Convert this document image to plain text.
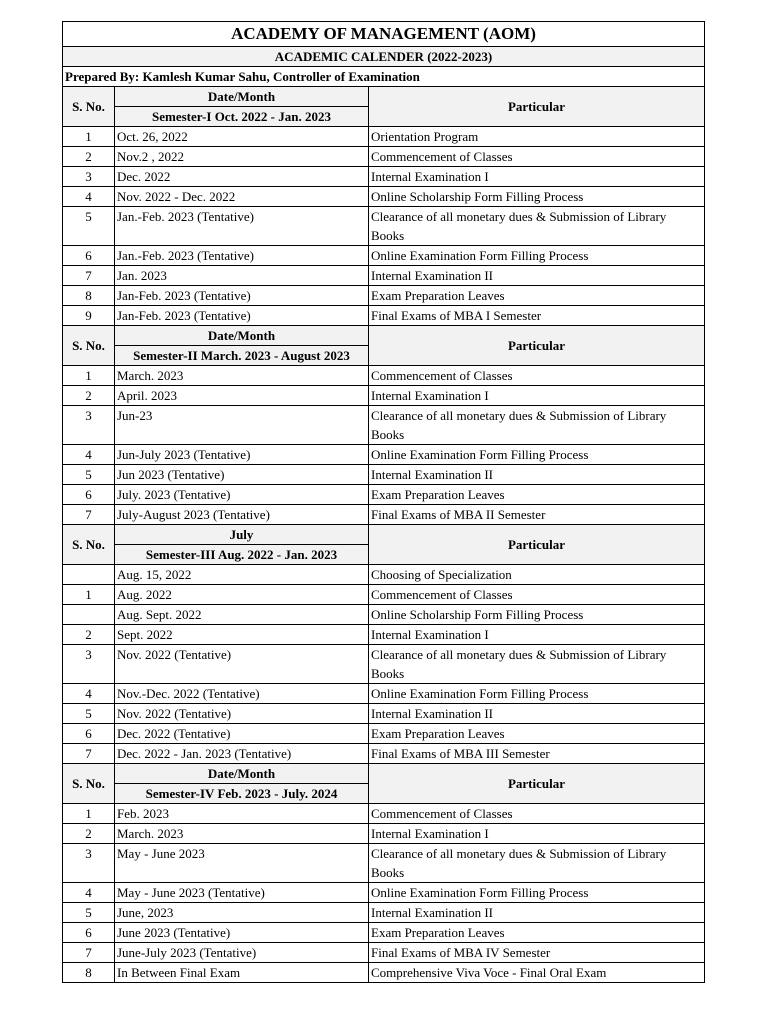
ACADEMY OF MANAGEMENT (AOM)		
ACADEMIC CALENDER (2022-2023)		
Prepared By: Kamlesh Kumar Sahu, Controller of Examination		
S. No.	Date/Month	Particular
	Semester-I Oct. 2022 - Jan. 2023	
1	Oct. 26, 2022	Orientation Program
2	Nov.2 , 2022	Commencement of Classes
3	Dec. 2022	Internal Examination I
4	Nov. 2022 - Dec. 2022	Online Scholarship Form Filling Process
5	Jan.-Feb. 2023 (Tentative)	Clearance of all monetary dues & Submission of Library Books
6	Jan.-Feb. 2023 (Tentative)	Online Examination Form Filling Process
7	Jan. 2023	Internal Examination II
8	Jan-Feb. 2023 (Tentative)	Exam Preparation Leaves
9	Jan-Feb. 2023 (Tentative)	Final Exams of MBA I Semester
S. No.	Date/Month	Particular
	Semester-II March. 2023 - August 2023	
1	March. 2023	Commencement of Classes
2	April. 2023	Internal Examination I
3	Jun-23	Clearance of all monetary dues & Submission of Library Books
4	Jun-July 2023 (Tentative)	Online Examination Form Filling Process
5	Jun 2023 (Tentative)	Internal Examination II
6	July. 2023 (Tentative)	Exam Preparation Leaves
7	July-August 2023 (Tentative)	Final Exams of MBA II Semester
S. No.	July	Particular
	Semester-III Aug. 2022 - Jan. 2023	
	Aug. 15, 2022	Choosing of Specialization
1	Aug. 2022	Commencement of Classes
	Aug. Sept. 2022	Online Scholarship Form Filling Process
2	Sept. 2022	Internal Examination I
3	Nov. 2022 (Tentative)	Clearance of all monetary dues & Submission of Library Books
4	Nov.-Dec. 2022 (Tentative)	Online Examination Form Filling Process
5	Nov. 2022 (Tentative)	Internal Examination II
6	Dec. 2022 (Tentative)	Exam Preparation Leaves
7	Dec. 2022 - Jan. 2023 (Tentative)	Final Exams of MBA III Semester
S. No.	Date/Month	Particular
	Semester-IV Feb. 2023 - July. 2024	
1	Feb. 2023	Commencement of Classes
2	March. 2023	Internal Examination I
3	May - June 2023	Clearance of all monetary dues & Submission of Library Books
4	May - June 2023 (Tentative)	Online Examination Form Filling Process
5	June, 2023	Internal Examination II
6	June 2023 (Tentative)	Exam Preparation Leaves
7	June-July 2023 (Tentative)	Final Exams of MBA IV Semester
8	In Between Final Exam	Comprehensive Viva Voce - Final Oral Exam
